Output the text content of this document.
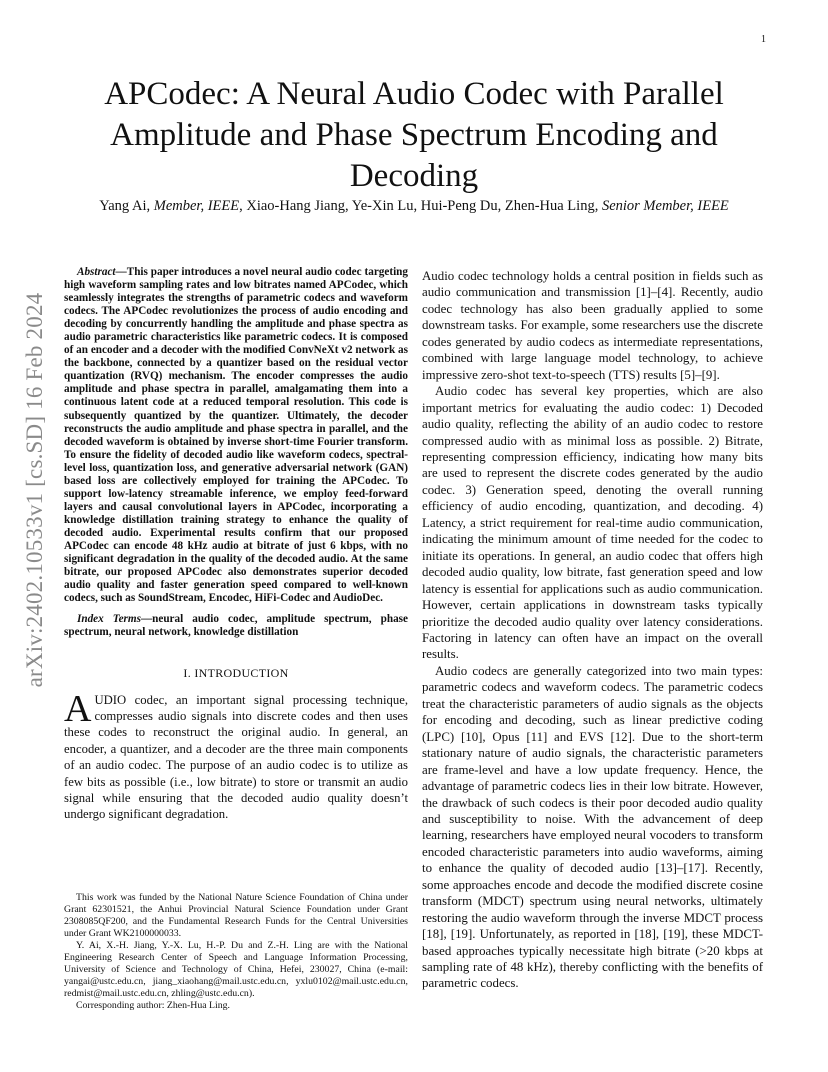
1
arXiv:2402.10533v1 [cs.SD] 16 Feb 2024
APCodec: A Neural Audio Codec with Parallel Amplitude and Phase Spectrum Encoding and Decoding
Yang Ai, Member, IEEE, Xiao-Hang Jiang, Ye-Xin Lu, Hui-Peng Du, Zhen-Hua Ling, Senior Member, IEEE

Abstract—This paper introduces a novel neural audio codec targeting high waveform sampling rates and low bitrates named APCodec, which seamlessly integrates the strengths of parametric codecs and waveform codecs. The APCodec revolutionizes the process of audio encoding and decoding by concurrently handling the amplitude and phase spectra as audio parametric characteristics like parametric codecs. It is composed of an encoder and a decoder with the modified ConvNeXt v2 network as the backbone, connected by a quantizer based on the residual vector quantization (RVQ) mechanism. The encoder compresses the audio amplitude and phase spectra in parallel, amalgamating them into a continuous latent code at a reduced temporal resolution. This code is subsequently quantized by the quantizer. Ultimately, the decoder reconstructs the audio amplitude and phase spectra in parallel, and the decoded waveform is obtained by inverse short-time Fourier transform. To ensure the fidelity of decoded audio like waveform codecs, spectral-level loss, quantization loss, and generative adversarial network (GAN) based loss are collectively employed for training the APCodec. To support low-latency streamable inference, we employ feed-forward layers and causal convolutional layers in APCodec, incorporating a knowledge distillation training strategy to enhance the quality of decoded audio. Experimental results confirm that our proposed APCodec can encode 48 kHz audio at bitrate of just 6 kbps, with no significant degradation in the quality of the decoded audio. At the same bitrate, our proposed APCodec also demonstrates superior decoded audio quality and faster generation speed compared to well-known codecs, such as SoundStream, Encodec, HiFi-Codec and AudioDec.

Index Terms—neural audio codec, amplitude spectrum, phase spectrum, neural network, knowledge distillation

I. INTRODUCTION

AUDIO codec, an important signal processing technique, compresses audio signals into discrete codes and then uses these codes to reconstruct the original audio. In general, an encoder, a quantizer, and a decoder are the three main components of an audio codec. The purpose of an audio codec is to utilize as few bits as possible (i.e., low bitrate) to store or transmit an audio signal while ensuring that the decoded audio quality doesn’t undergo significant degradation.

This work was funded by the National Nature Science Foundation of China under Grant 62301521, the Anhui Provincial Natural Science Foundation under Grant 2308085QF200, and the Fundamental Research Funds for the Central Universities under Grant WK2100000033.

Y. Ai, X.-H. Jiang, Y.-X. Lu, H.-P. Du and Z.-H. Ling are with the National Engineering Research Center of Speech and Language Information Processing, University of Science and Technology of China, Hefei, 230027, China (e-mail: yangai@ustc.edu.cn, jiang_xiaohang@mail.ustc.edu.cn, yxlu0102@mail.ustc.edu.cn, redmist@mail.ustc.edu.cn, zhling@ustc.edu.cn).

Corresponding author: Zhen-Hua Ling.

Audio codec technology holds a central position in fields such as audio communication and transmission [1]–[4]. Recently, audio codec technology has also been gradually applied to some downstream tasks. For example, some researchers use the discrete codes generated by audio codecs as intermediate representations, combined with large language model technology, to achieve impressive zero-shot text-to-speech (TTS) results [5]–[9].

Audio codec has several key properties, which are also important metrics for evaluating the audio codec: 1) Decoded audio quality, reflecting the ability of an audio codec to restore compressed audio with as minimal loss as possible. 2) Bitrate, representing compression efficiency, indicating how many bits are used to represent the discrete codes generated by the audio codec. 3) Generation speed, denoting the overall running efficiency of audio encoding, quantization, and decoding. 4) Latency, a strict requirement for real-time audio communication, indicating the minimum amount of time needed for the codec to initiate its operations. In general, an audio codec that offers high decoded audio quality, low bitrate, fast generation speed and low latency is essential for applications such as audio communication. However, certain applications in downstream tasks typically prioritize the decoded audio quality over latency considerations. Factoring in latency can often have an impact on the overall results.

Audio codecs are generally categorized into two main types: parametric codecs and waveform codecs. The parametric codecs treat the characteristic parameters of audio signals as the objects for encoding and decoding, such as linear predictive coding (LPC) [10], Opus [11] and EVS [12]. Due to the short-term stationary nature of audio signals, the characteristic parameters are frame-level and have a low update frequency. Hence, the advantage of parametric codecs lies in their low bitrate. However, the drawback of such codecs is their poor decoded audio quality and susceptibility to noise. With the advancement of deep learning, researchers have employed neural vocoders to transform encoded characteristic parameters into audio waveforms, aiming to enhance the quality of decoded audio [13]–[17]. Recently, some approaches encode and decode the modified discrete cosine transform (MDCT) spectrum using neural networks, ultimately restoring the audio waveform through the inverse MDCT process [18], [19]. Unfortunately, as reported in [18], [19], these MDCT-based approaches typically necessitate high bitrate (>20 kbps at sampling rate of 48 kHz), thereby conflicting with the benefits of parametric codecs.
